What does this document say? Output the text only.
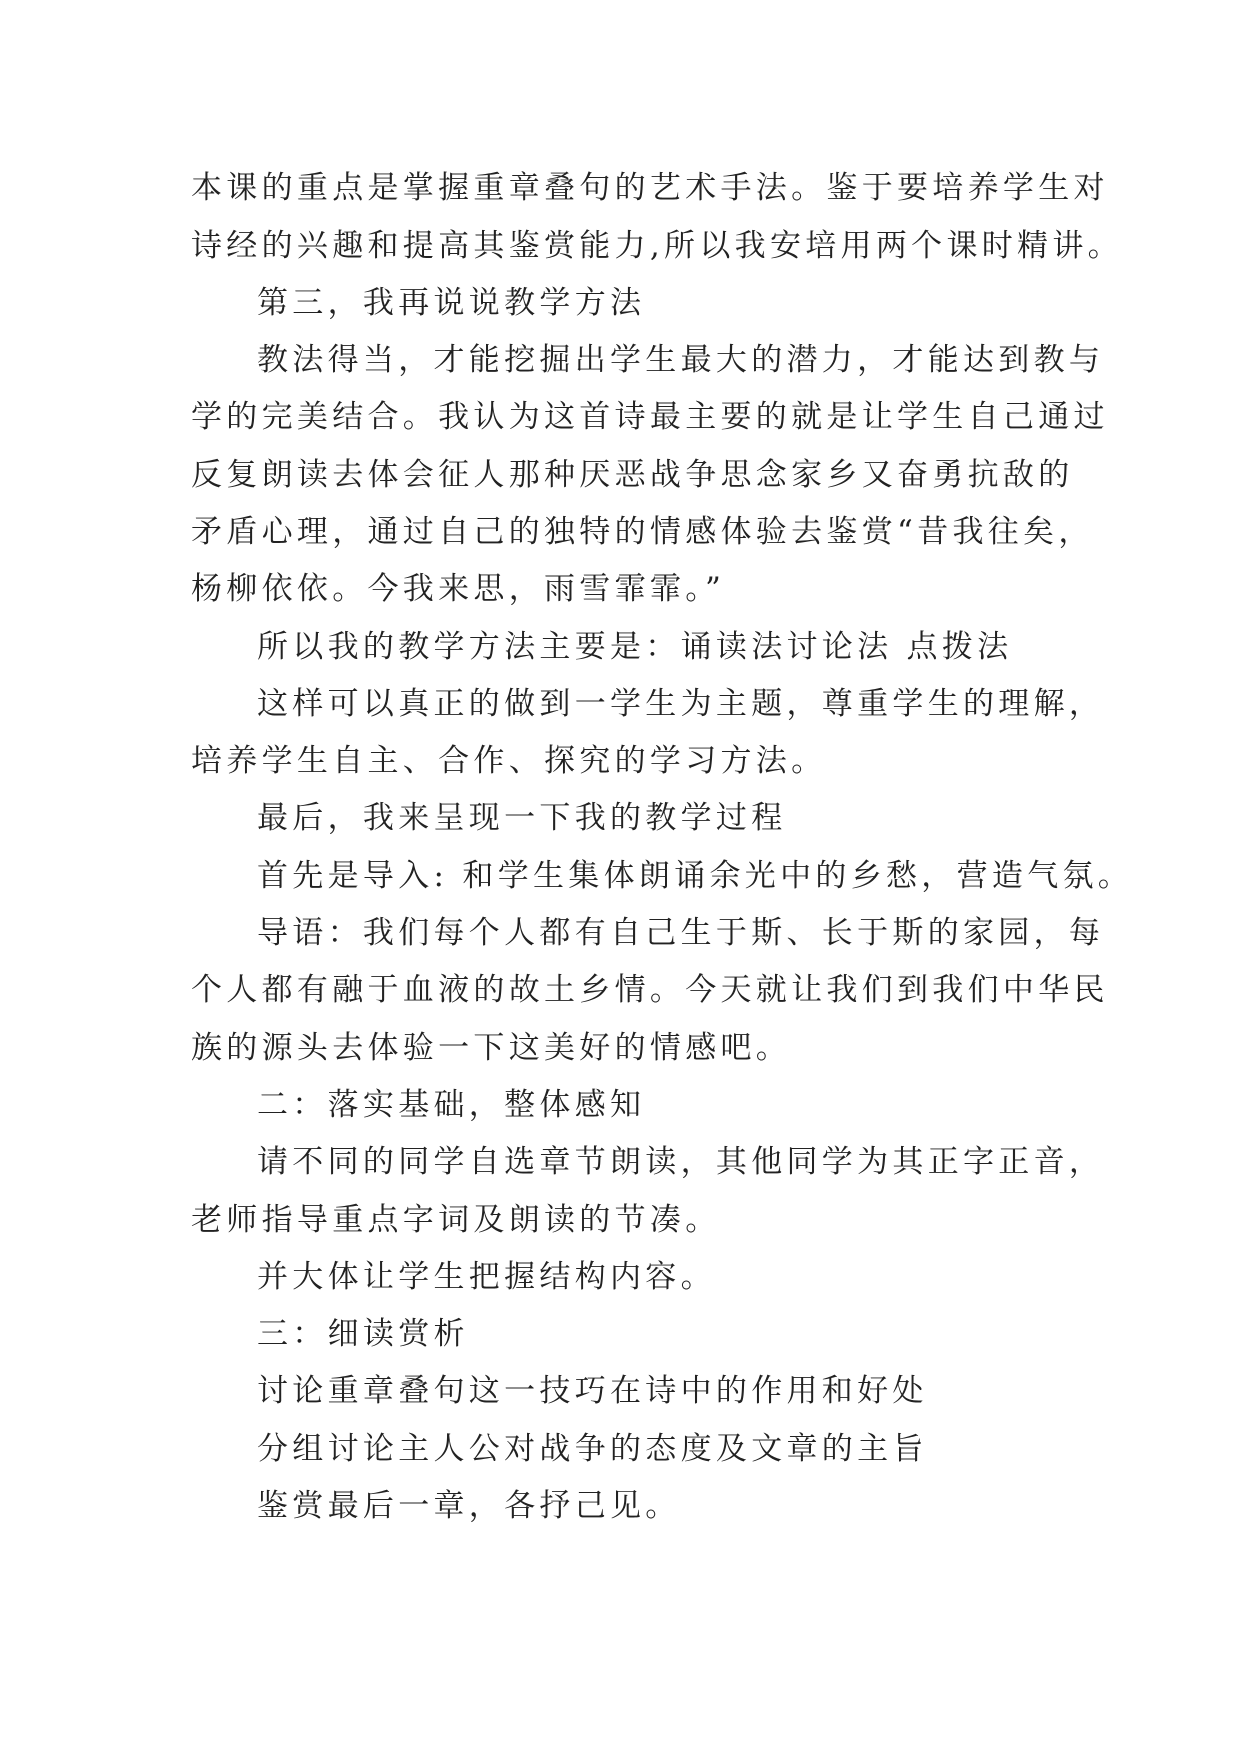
本课的重点是掌握重章叠句的艺术手法。鉴于要培养学生对

诗经的兴趣和提高其鉴赏能力,所以我安培用两个课时精讲。

第三，我再说说教学方法

教法得当，才能挖掘出学生最大的潜力，才能达到教与

学的完美结合。我认为这首诗最主要的就是让学生自己通过

反复朗读去体会征人那种厌恶战争思念家乡又奋勇抗敌的

矛盾心理，通过自己的独特的情感体验去鉴赏“昔我往矣，

杨柳依依。今我来思，雨雪霏霏。”

所以我的教学方法主要是：诵读法讨论法 点拨法

这样可以真正的做到一学生为主题，尊重学生的理解，

培养学生自主、合作、探究的学习方法。

最后，我来呈现一下我的教学过程

首先是导入: 和学生集体朗诵余光中的乡愁，营造气氛。

导语：我们每个人都有自己生于斯、长于斯的家园，每

个人都有融于血液的故土乡情。今天就让我们到我们中华民

族的源头去体验一下这美好的情感吧。

二：落实基础，整体感知

请不同的同学自选章节朗读，其他同学为其正字正音，

老师指导重点字词及朗读的节凑。

并大体让学生把握结构内容。

三：细读赏析

讨论重章叠句这一技巧在诗中的作用和好处

分组讨论主人公对战争的态度及文章的主旨

鉴赏最后一章，各抒己见。
